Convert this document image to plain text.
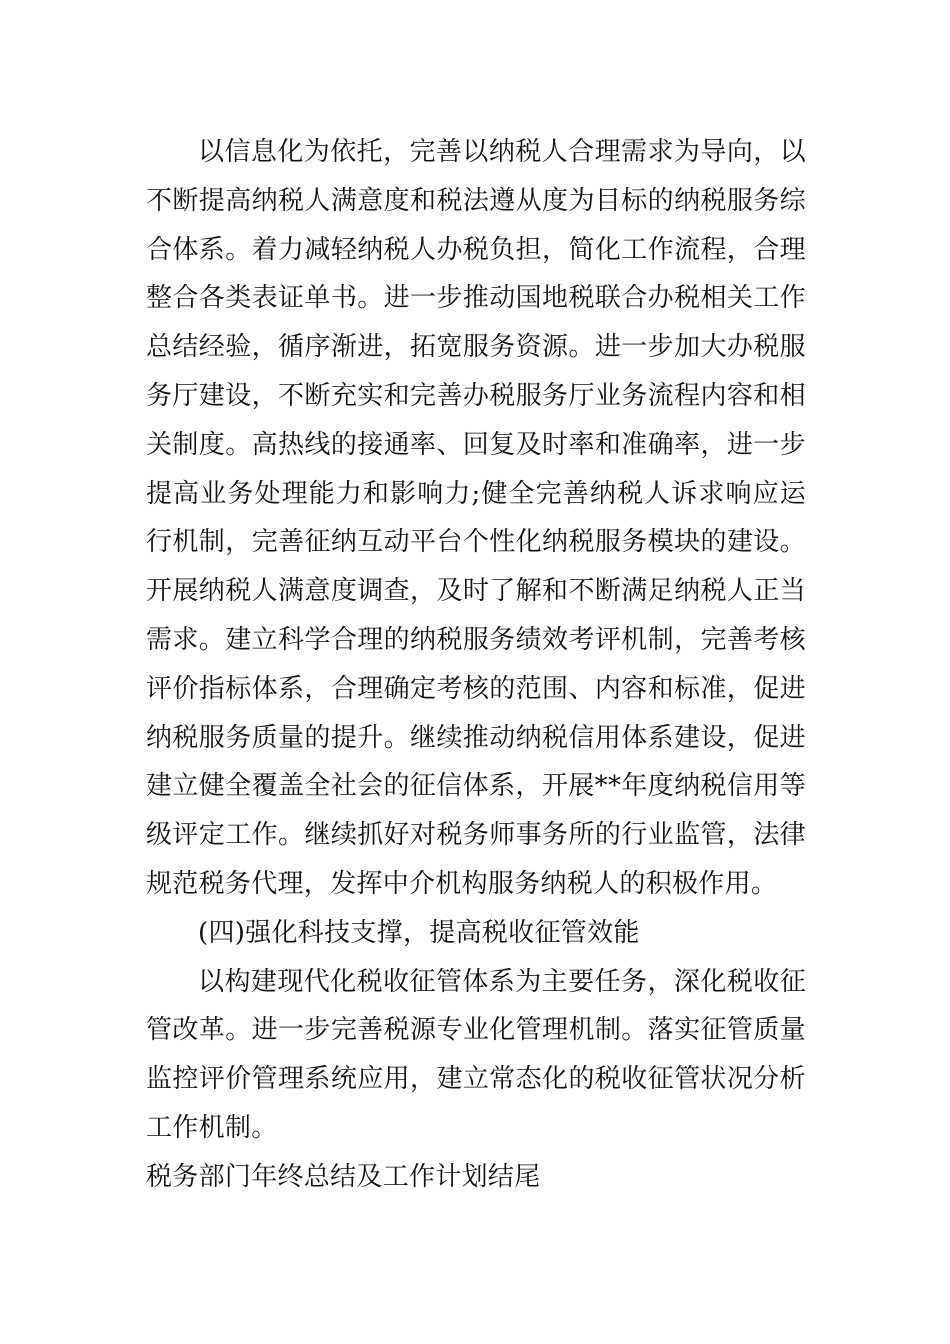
以信息化为依托，完善以纳税人合理需求为导向，以不断提高纳税人满意度和税法遵从度为目标的纳税服务综合体系。着力减轻纳税人办税负担，简化工作流程，合理整合各类表证单书。进一步推动国地税联合办税相关工作总结经验，循序渐进，拓宽服务资源。进一步加大办税服务厅建设，不断充实和完善办税服务厅业务流程内容和相关制度。高热线的接通率、回复及时率和准确率，进一步提高业务处理能力和影响力;健全完善纳税人诉求响应运行机制，完善征纳互动平台个性化纳税服务模块的建设。开展纳税人满意度调查，及时了解和不断满足纳税人正当需求。建立科学合理的纳税服务绩效考评机制，完善考核评价指标体系，合理确定考核的范围、内容和标准，促进纳税服务质量的提升。继续推动纳税信用体系建设，促进建立健全覆盖全社会的征信体系，开展**年度纳税信用等级评定工作。继续抓好对税务师事务所的行业监管，法律规范税务代理，发挥中介机构服务纳税人的积极作用。

(四)强化科技支撑，提高税收征管效能

以构建现代化税收征管体系为主要任务，深化税收征管改革。进一步完善税源专业化管理机制。落实征管质量监控评价管理系统应用，建立常态化的税收征管状况分析工作机制。

税务部门年终总结及工作计划结尾
